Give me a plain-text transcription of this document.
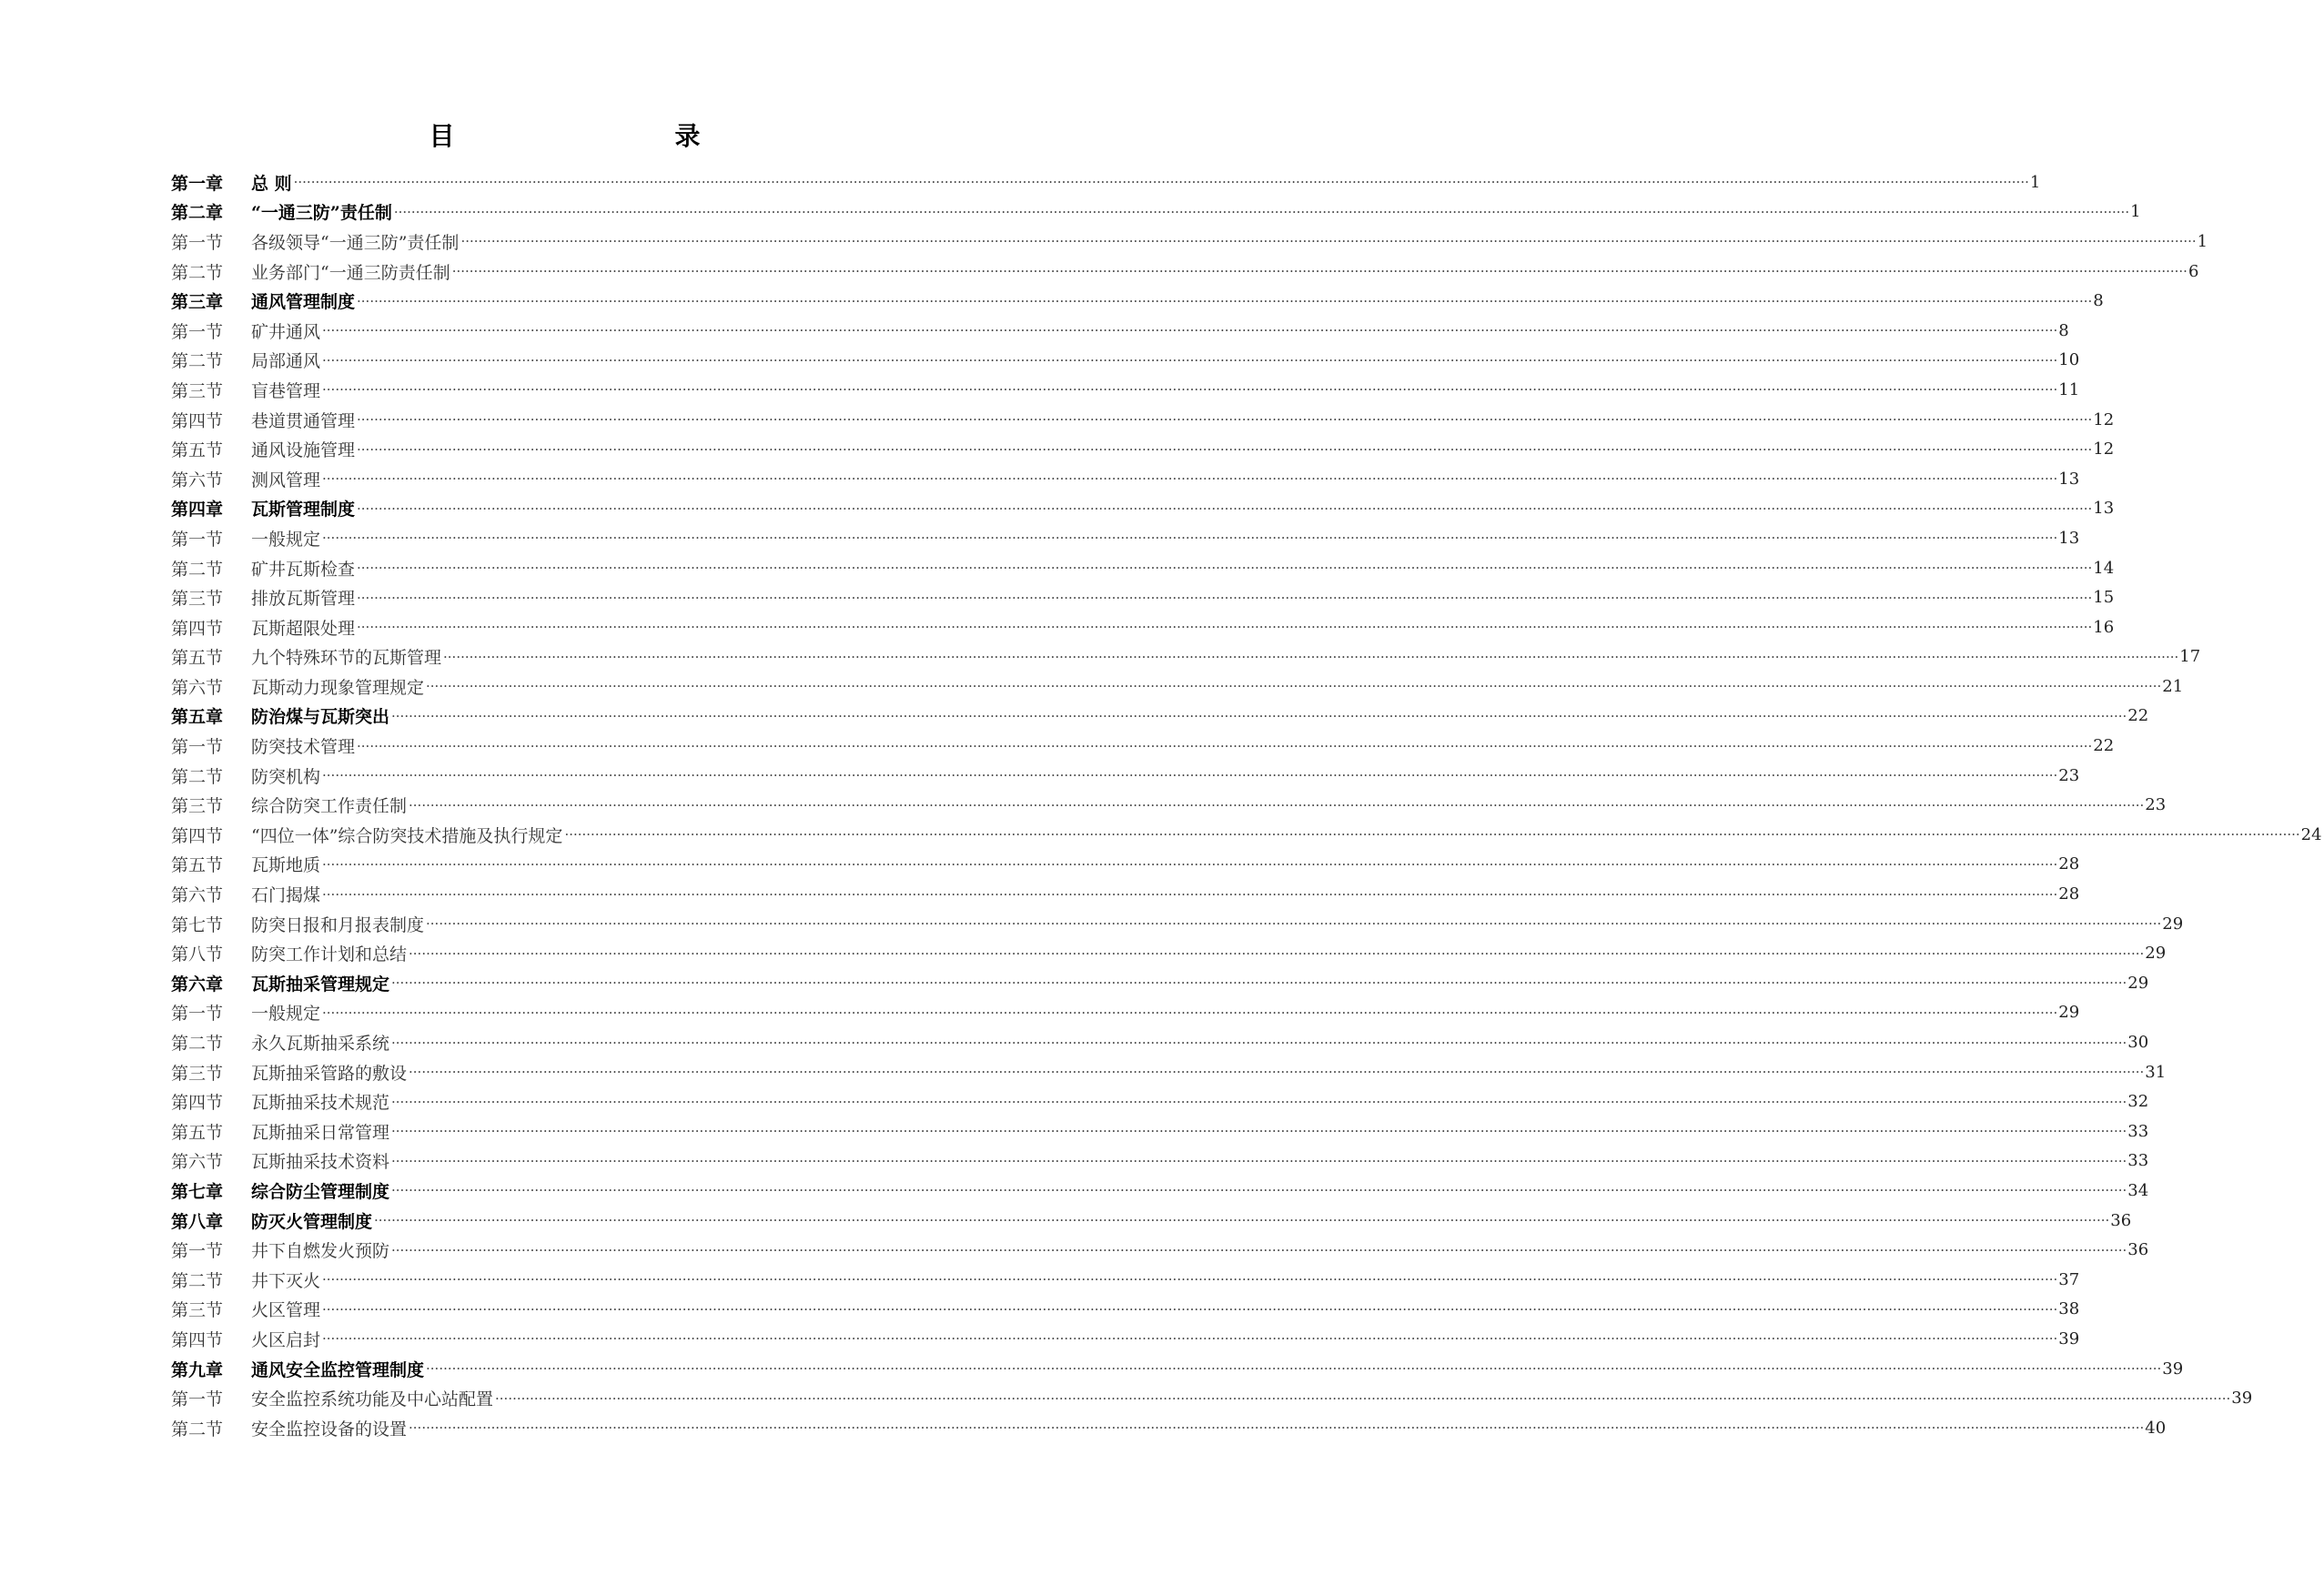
目　　录
第一章	总 则 ················································································································································································································································································································································································································ 1
第二章	“一通三防”责任制 ················································································································································································································································································································································································································ 1
第一节	各级领导“一通三防”责任制 ················································································································································································································································································································································································································ 1
第二节	业务部门“一通三防责任制 ················································································································································································································································································································································································································ 6
第三章	通风管理制度 ················································································································································································································································································································································································································ 8
第一节	矿井通风 ················································································································································································································································································································································································································ 8
第二节	局部通风 ················································································································································································································································································································································································································ 10
第三节	盲巷管理 ················································································································································································································································································································································································································ 11
第四节	巷道贯通管理 ················································································································································································································································································································································································································ 12
第五节	通风设施管理 ················································································································································································································································································································································································································ 12
第六节	测风管理 ················································································································································································································································································································································································································ 13
第四章	瓦斯管理制度 ················································································································································································································································································································································································································ 13
第一节	一般规定 ················································································································································································································································································································································································································ 13
第二节	矿井瓦斯检查 ················································································································································································································································································································································································································ 14
第三节	排放瓦斯管理 ················································································································································································································································································································································································································ 15
第四节	瓦斯超限处理 ················································································································································································································································································································································································································ 16
第五节	九个特殊环节的瓦斯管理 ················································································································································································································································································································································································································ 17
第六节	瓦斯动力现象管理规定 ················································································································································································································································································································································································································ 21
第五章	防治煤与瓦斯突出 ················································································································································································································································································································································································································ 22
第一节	防突技术管理 ················································································································································································································································································································································································································ 22
第二节	防突机构 ················································································································································································································································································································································································································ 23
第三节	综合防突工作责任制 ················································································································································································································································································································································································································ 23
第四节	“四位一体”综合防突技术措施及执行规定 ················································································································································································································································································································································································································ 24
第五节	瓦斯地质 ················································································································································································································································································································································································································ 28
第六节	石门揭煤 ················································································································································································································································································································································································································ 28
第七节	防突日报和月报表制度 ················································································································································································································································································································································································································ 29
第八节	防突工作计划和总结 ················································································································································································································································································································································································································ 29
第六章	瓦斯抽采管理规定 ················································································································································································································································································································································································································ 29
第一节	一般规定 ················································································································································································································································································································································································································ 29
第二节	永久瓦斯抽采系统 ················································································································································································································································································································································································································ 30
第三节	瓦斯抽采管路的敷设 ················································································································································································································································································································································································································ 31
第四节	瓦斯抽采技术规范 ················································································································································································································································································································································································································ 32
第五节	瓦斯抽采日常管理 ················································································································································································································································································································································································································ 33
第六节	瓦斯抽采技术资料 ················································································································································································································································································································································································································ 33
第七章	综合防尘管理制度 ················································································································································································································································································································································································································ 34
第八章	防灭火管理制度 ················································································································································································································································································································································································································ 36
第一节	井下自燃发火预防 ················································································································································································································································································································································································································ 36
第二节	井下灭火 ················································································································································································································································································································································································································ 37
第三节	火区管理 ················································································································································································································································································································································································································ 38
第四节	火区启封 ················································································································································································································································································································································································································ 39
第九章	通风安全监控管理制度 ················································································································································································································································································································································································································ 39
第一节	安全监控系统功能及中心站配置 ················································································································································································································································································································································································································ 39
第二节	安全监控设备的设置 ················································································································································································································································································································································································································ 40
